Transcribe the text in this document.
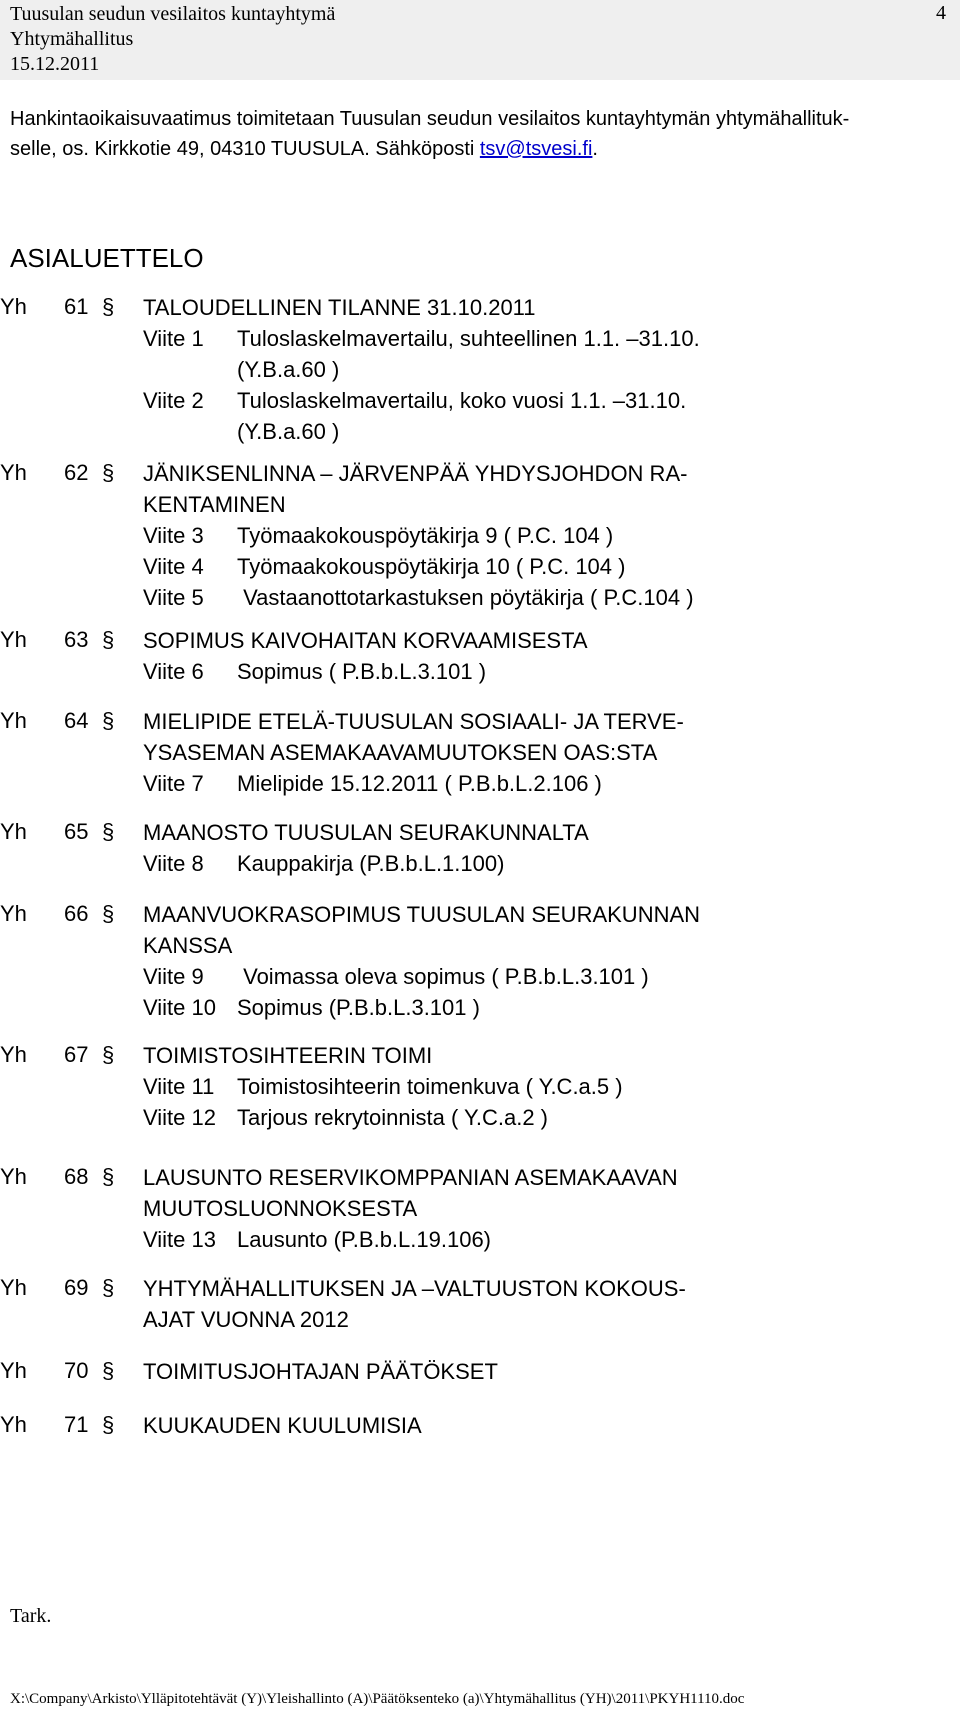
Tuusulan seudun vesilaitos kuntayhtymä
Yhtymähallitus
15.12.2011
4
Hankintaoikaisuvaatimus toimitetaan Tuusulan seudun vesilaitos kuntayhtymän yhtymähallituk-
selle, os. Kirkkotie 49, 04310 TUUSULA. Sähköposti tsv@tsvesi.fi.
ASIALUETTELO
Yh 61 § TALOUDELLINEN TILANNE 31.10.2011
Viite 1 Tuloslaskelmavertailu, suhteellinen 1.1. –31.10.
(Y.B.a.60 )
Viite 2 Tuloslaskelmavertailu, koko vuosi 1.1. –31.10.
(Y.B.a.60 )
Yh 62 § JÄNIKSENLINNA – JÄRVENPÄÄ YHDYSJOHDON RA-
KENTAMINEN
Viite 3 Työmaakokouspöytäkirja 9 ( P.C. 104 )
Viite 4 Työmaakokouspöytäkirja 10 ( P.C. 104 )
Viite 5 Vastaanottotarkastuksen pöytäkirja ( P.C.104 )
Yh 63 § SOPIMUS KAIVOHAITAN KORVAAMISESTA
Viite 6 Sopimus ( P.B.b.L.3.101 )
Yh 64 § MIELIPIDE ETELÄ-TUUSULAN SOSIAALI- JA TERVE-
YSASEMAN ASEMAKAAVAMUUTOKSEN OAS:STA
Viite 7 Mielipide 15.12.2011 ( P.B.b.L.2.106 )
Yh 65 § MAANOSTO TUUSULAN SEURAKUNNALTA
Viite 8 Kauppakirja (P.B.b.L.1.100)
Yh 66 § MAANVUOKRASOPIMUS TUUSULAN SEURAKUNNAN
KANSSA
Viite 9 Voimassa oleva sopimus ( P.B.b.L.3.101 )
Viite 10 Sopimus (P.B.b.L.3.101 )
Yh 67 § TOIMISTOSIHTEERIN TOIMI
Viite 11 Toimistosihteerin toimenkuva ( Y.C.a.5 )
Viite 12 Tarjous rekrytoinnista ( Y.C.a.2 )
Yh 68 § LAUSUNTO RESERVIKOMPPANIAN ASEMAKAAVAN
MUUTOSLUONNOKSESTA
Viite 13 Lausunto (P.B.b.L.19.106)
Yh 69 § YHTYMÄHALLITUKSEN JA –VALTUUSTON KOKOUS-
AJAT VUONNA 2012
Yh 70 § TOIMITUSJOHTAJAN PÄÄTÖKSET
Yh 71 § KUUKAUDEN KUULUMISIA
Tark.
X:\Company\Arkisto\Ylläpitotehtävät (Y)\Yleishallinto (A)\Päätöksenteko (a)\Yhtymähallitus (YH)\2011\PKYH1110.doc
